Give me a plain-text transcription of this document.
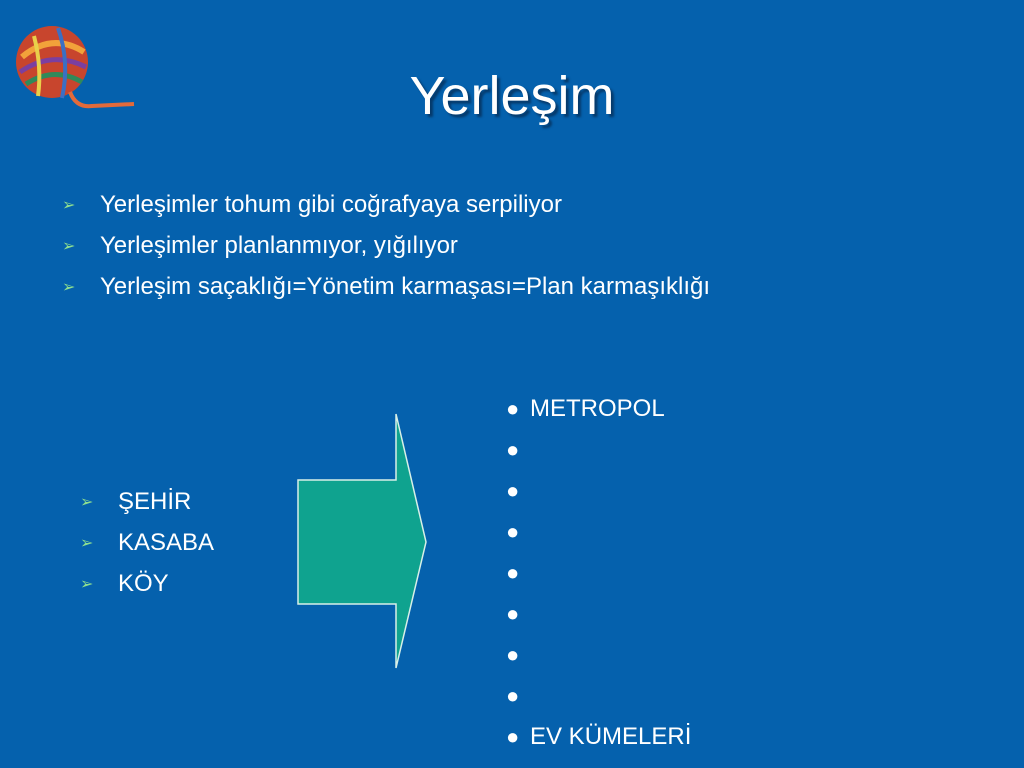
Yerleşim
➢	Yerleşimler tohum gibi coğrafyaya serpiliyor
➢	Yerleşimler planlanmıyor, yığılıyor
➢	Yerleşim saçaklığı=Yönetim karmaşası=Plan karmaşıklığı
➢	ŞEHİR
➢	KASABA
➢	KÖY
● METROPOL
●
●
●
●
●
●
●
● EV KÜMELERİ
